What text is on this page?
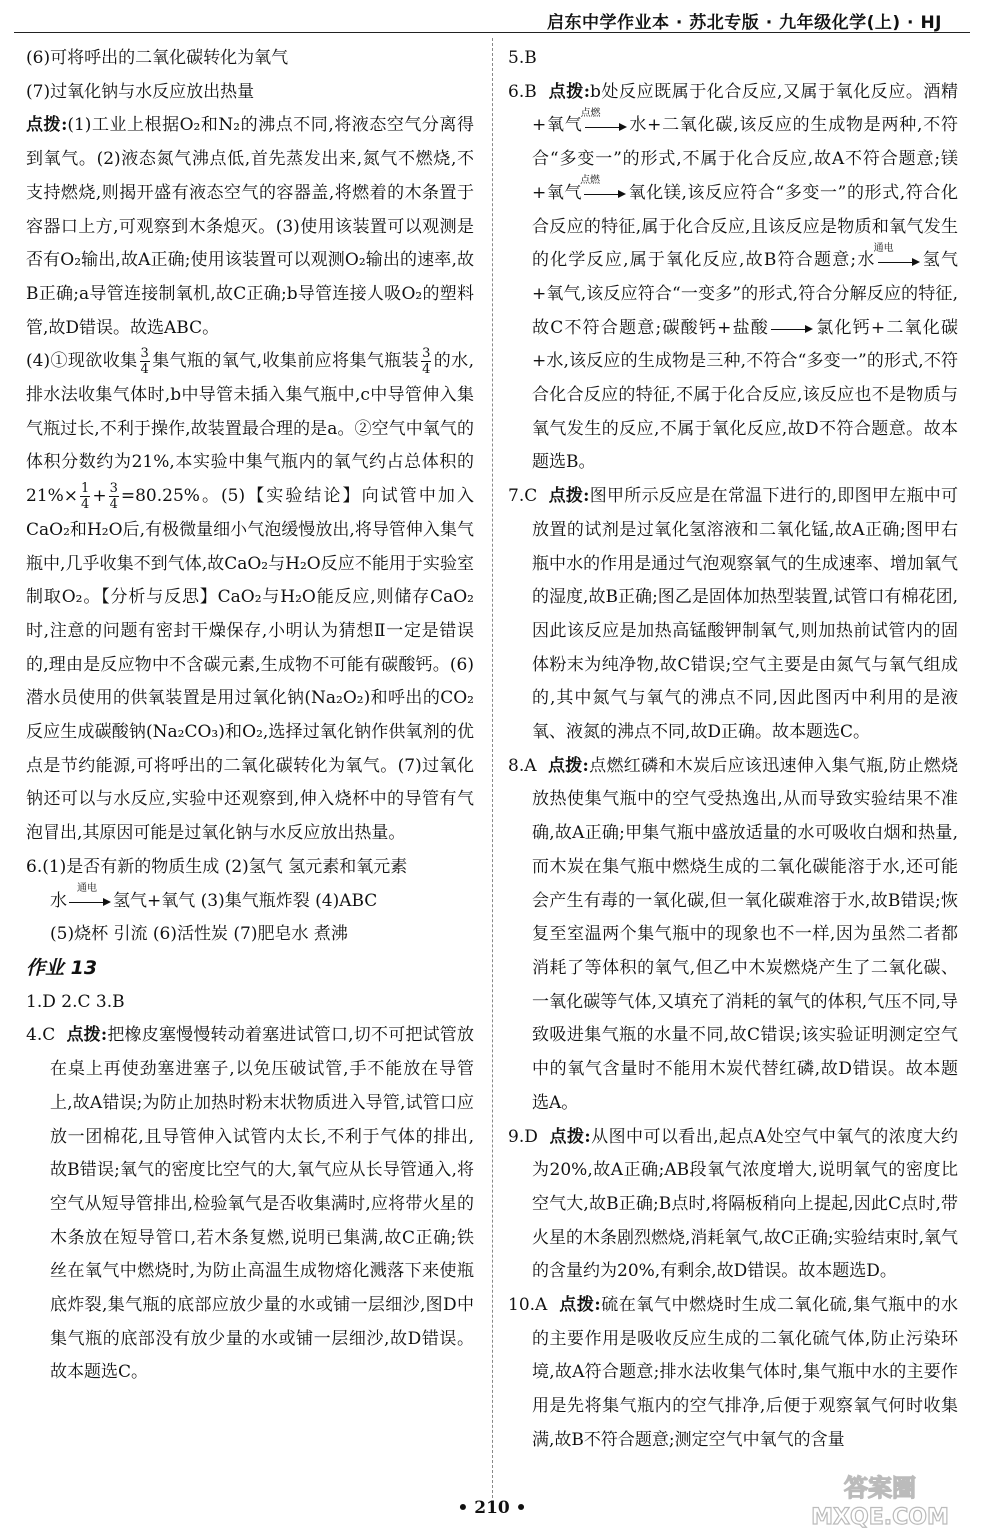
启东中学作业本 · 苏北专版 · 九年级化学(上) · HJ

(6)可将呼出的二氧化碳转化为氧气

(7)过氧化钠与水反应放出热量

点拨:(1)工业上根据O₂和N₂的沸点不同,将液态空气分离得到氧气。(2)液态氮气沸点低,首先蒸发出来,氮气不燃烧,不支持燃烧,则揭开盛有液态空气的容器盖,将燃着的木条置于容器口上方,可观察到木条熄灭。(3)使用该装置可以观测是否有O₂输出,故A正确;使用该装置可以观测O₂输出的速率,故B正确;a导管连接制氧机,故C正确;b导管连接人吸O₂的塑料管,故D错误。故选ABC。

(4)①现欲收集 $\frac{3}{4}$ 集气瓶的氧气,收集前应将集气瓶装 $\frac{3}{4}$ 的水,排水法收集气体时,b中导管未插入集气瓶中,c中导管伸入集气瓶过长,不利于操作,故装置最合理的是a。②空气中氧气的体积分数约为21%,本实验中集气瓶内的氧气约占总体积的$21\%\times \frac{1}{4} + \frac{3}{4} =80.25\%$。(5)【实验结论】向试管中加入CaO₂和H₂O后,有极微量细小气泡缓慢放出,将导管伸入集气瓶中,几乎收集不到气体,故CaO₂与H₂O反应不能用于实验室制取O₂。【分析与反思】CaO₂与H₂O能反应,则储存CaO₂时,注意的问题有密封干燥保存,小明认为猜想Ⅱ一定是错误的,理由是反应物中不含碳元素,生成物不可能有碳酸钙。(6)潜水员使用的供氧装置是用过氧化钠(Na₂O₂)和呼出的CO₂反应生成碳酸钠(Na₂CO₃)和O₂,选择过氧化钠作供氧剂的优点是节约能源,可将呼出的二氧化碳转化为氧气。(7)过氧化钠还可以与水反应,实验中还观察到,伸入烧杯中的导管有气泡冒出,其原因可能是过氧化钠与水反应放出热量。

6.(1)是否有新的物质生成 (2)氢气 氢元素和氧元素

水
通电
氢气+氧气 (3)集气瓶炸裂 (4)ABC

(5)烧杯 引流 (6)活性炭 (7)肥皂水 煮沸

作业 13

1.D 2.C 3.B

4.C 点拨:把橡皮塞慢慢转动着塞进试管口,切不可把试管放在桌上再使劲塞进塞子,以免压破试管,手不能放在导管上,故A错误;为防止加热时粉末状物质进入导管,试管口应放一团棉花,且导管伸入试管内太长,不利于气体的排出,故B错误;氧气的密度比空气的大,氧气应从长导管通入,将空气从短导管排出,检验氧气是否收集满时,应将带火星的木条放在短导管口,若木条复燃,说明已集满,故C正确;铁丝在氧气中燃烧时,为防止高温生成物熔化溅落下来使瓶底炸裂,集气瓶的底部应放少量的水或铺一层细沙,图D中集气瓶的底部没有放少量的水或铺一层细沙,故D错误。故本题选C。

5.B

6.B 点拨:b处反应既属于化合反应,又属于氧化反应。酒精+氧气
点燃
水+二氧化碳,该反应的生成物是两种,不符合“多变一”的形式,不属于化合反应,故A不符合题意;镁+氧气
点燃
氧化镁,该反应符合“多变一”的形式,符合化合反应的特征,属于化合反应,且该反应是物质和氧气发生的化学反应,属于氧化反应,故B符合题意;水
通电
氢气+氧气,该反应符合“一变多”的形式,符合分解反应的特征,故C不符合题意;碳酸钙+盐酸	氯化钙+二氧化碳+水,该反应的生成物是三种,不符合“多变一”的形式,不符合化合反应的特征,不属于化合反应,该反应也不是物质与氧气发生的反应,不属于氧化反应,故D不符合题意。故本题选B。

7.C 点拨:图甲所示反应是在常温下进行的,即图甲左瓶中可放置的试剂是过氧化氢溶液和二氧化锰,故A正确;图甲右瓶中水的作用是通过气泡观察氧气的生成速率、增加氧气的湿度,故B正确;图乙是固体加热型装置,试管口有棉花团,因此该反应是加热高锰酸钾制氧气,则加热前试管内的固体粉末为纯净物,故C错误;空气主要是由氮气与氧气组成的,其中氮气与氧气的沸点不同,因此图丙中利用的是液氧、液氮的沸点不同,故D正确。故本题选C。

8.A 点拨:点燃红磷和木炭后应该迅速伸入集气瓶,防止燃烧放热使集气瓶中的空气受热逸出,从而导致实验结果不准确,故A正确;甲集气瓶中盛放适量的水可吸收白烟和热量,而木炭在集气瓶中燃烧生成的二氧化碳能溶于水,还可能会产生有毒的一氧化碳,但一氧化碳难溶于水,故B错误;恢复至室温两个集气瓶中的现象也不一样,因为虽然二者都消耗了等体积的氧气,但乙中木炭燃烧产生了二氧化碳、一氧化碳等气体,又填充了消耗的氧气的体积,气压不同,导致吸进集气瓶的水量不同,故C错误;该实验证明测定空气中的氧气含量时不能用木炭代替红磷,故D错误。故本题选A。

9.D 点拨:从图中可以看出,起点A处空气中氧气的浓度大约为20%,故A正确;AB段氧气浓度增大,说明氧气的密度比空气大,故B正确;B点时,将隔板稍向上提起,因此C点时,带火星的木条剧烈燃烧,消耗氧气,故C正确;实验结束时,氧气的含量约为20%,有剩余,故D错误。故本题选D。

10.A 点拨:硫在氧气中燃烧时生成二氧化硫,集气瓶中的水的主要作用是吸收反应生成的二氧化硫气体,防止污染环境,故A符合题意;排水法收集气体时,集气瓶中水的主要作用是先将集气瓶内的空气排净,后便于观察氧气何时收集满,故B不符合题意;测定空气中氧气的含量

• 210 •
答案圈
MXQE.COM
